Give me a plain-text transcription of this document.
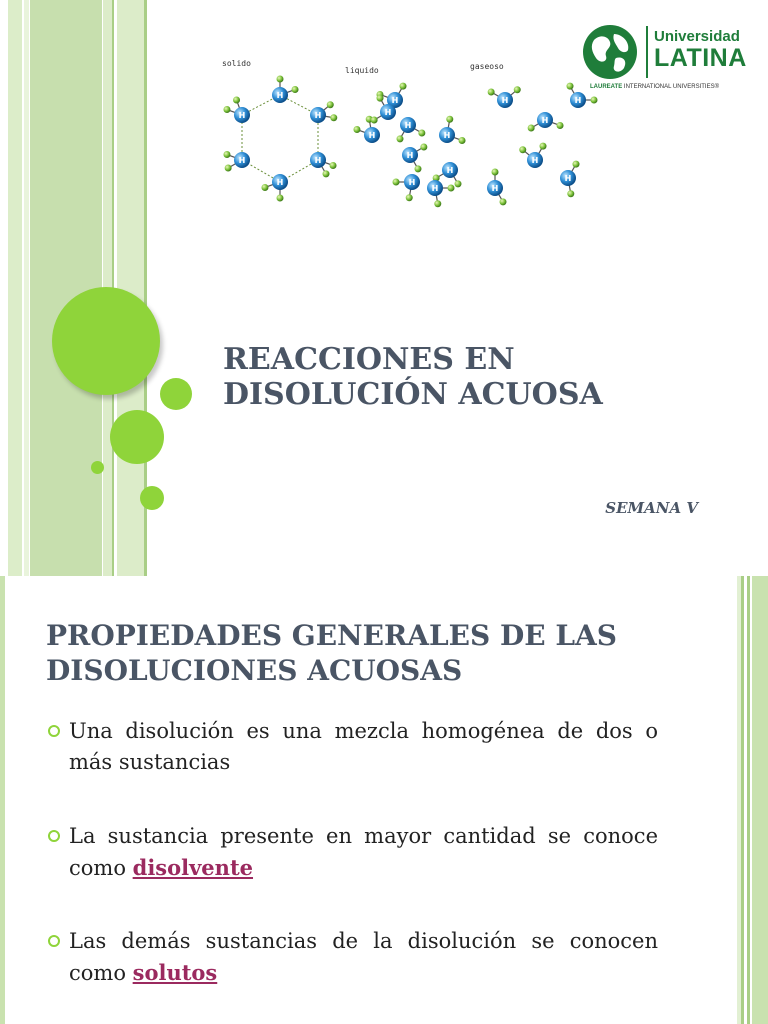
solido
liquido	gaseoso
H
H
H
H
H
H
H
H
H
H
H
H
H
H
H
H
H
H
H
H
H
Universidad
LATINA
LAUREATE INTERNATIONAL UNIVERSITIES®
REACCIONES EN DISOLUCIÓN ACUOSA
SEMANA V
PROPIEDADES GENERALES DE LAS DISOLUCIONES ACUOSAS
Una disolución es una mezcla homogénea de dos o más sustancias
La sustancia presente en mayor cantidad se conoce como disolvente
Las demás sustancias de la disolución se conocen como solutos
